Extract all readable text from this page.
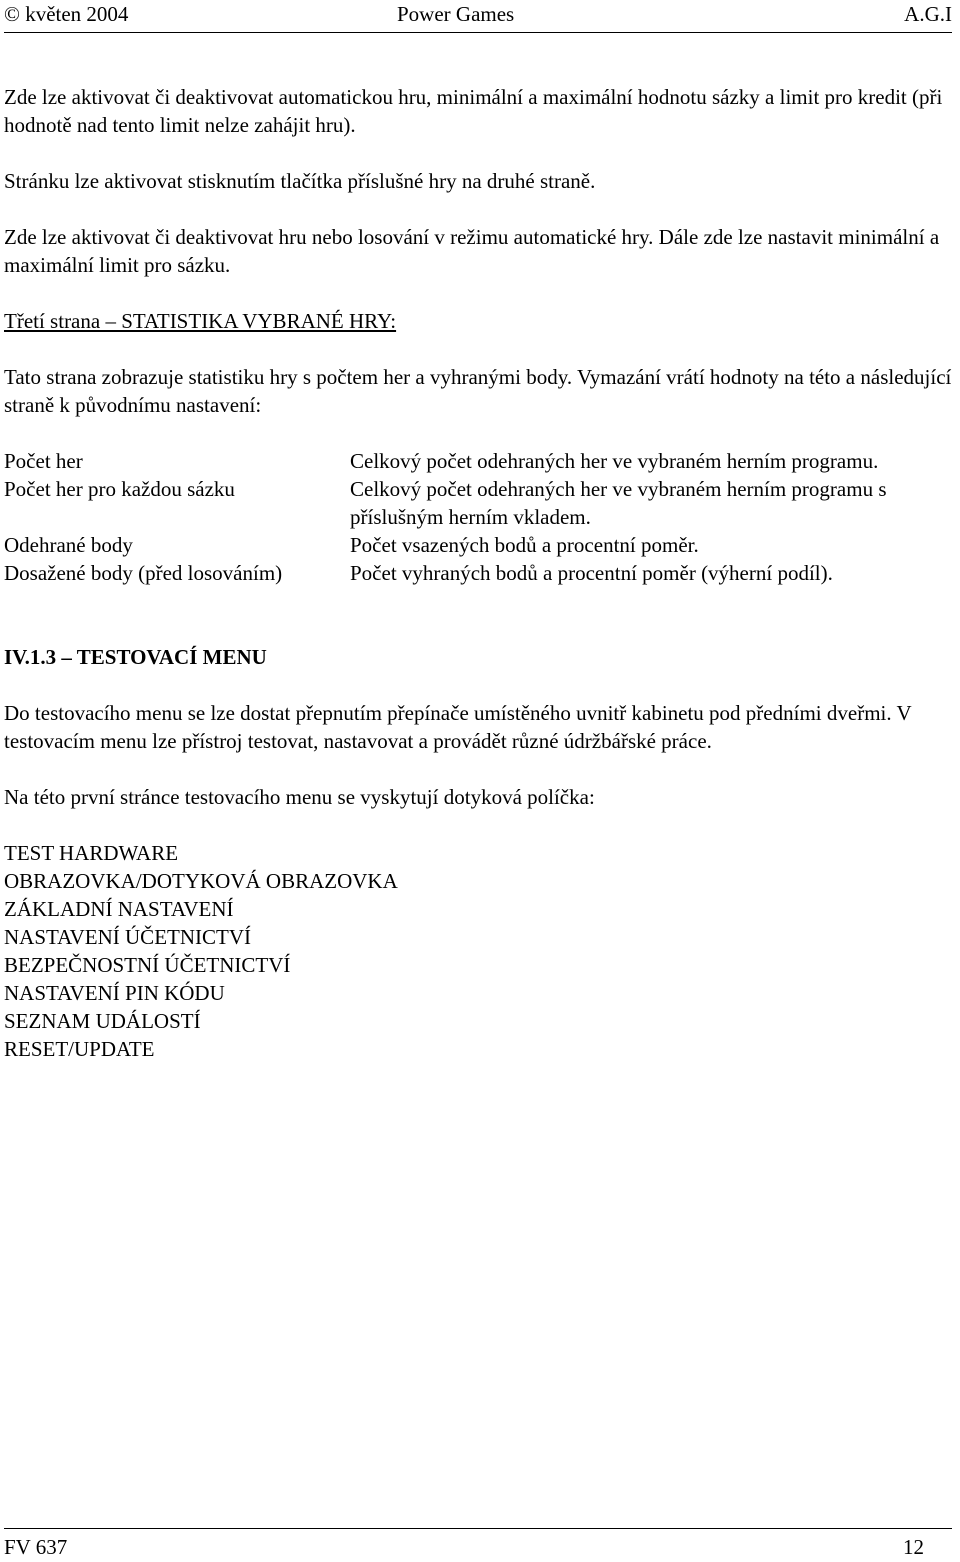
© květen 2004	Power Games	A.G.I

Zde lze aktivovat či deaktivovat automatickou hru, minimální a maximální hodnotu sázky a limit pro kredit (při hodnotě nad tento limit nelze zahájit hru).

Stránku lze aktivovat stisknutím tlačítka příslušné hry na druhé straně.

Zde lze aktivovat či deaktivovat hru nebo losování v režimu automatické hry. Dále zde lze nastavit minimální a maximální limit pro sázku.

Třetí strana – STATISTIKA VYBRANÉ HRY:

Tato strana zobrazuje statistiku hry s počtem her a vyhranými body. Vymazání vrátí hodnoty na této a následující straně k původnímu nastavení:

Počet her	Celkový počet odehraných her ve vybraném herním programu.
Počet her pro každou sázku	Celkový počet odehraných her ve vybraném herním programu s příslušným herním vkladem.
Odehrané body	Počet vsazených bodů a procentní poměr.
Dosažené body (před losováním)	Počet vyhraných bodů a procentní poměr (výherní podíl).

IV.1.3 – TESTOVACÍ MENU

Do testovacího menu se lze dostat přepnutím přepínače umístěného uvnitř kabinetu pod předními dveřmi. V testovacím menu lze přístroj testovat, nastavovat a provádět různé údržbářské práce.

Na této první stránce testovacího menu se vyskytují dotyková políčka:

TEST HARDWARE
OBRAZOVKA/DOTYKOVÁ OBRAZOVKA
ZÁKLADNÍ NASTAVENÍ
NASTAVENÍ ÚČETNICTVÍ
BEZPEČNOSTNÍ ÚČETNICTVÍ
NASTAVENÍ PIN KÓDU
SEZNAM UDÁLOSTÍ
RESET/UPDATE
FV 637	12
